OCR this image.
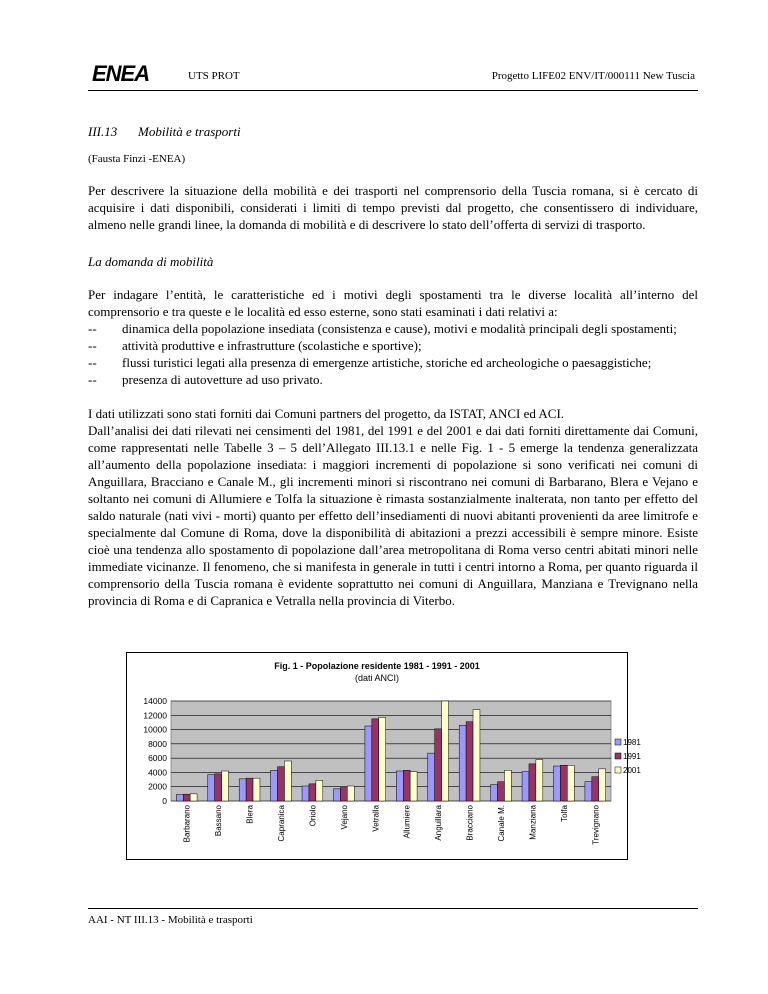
ENEA	UTS PROT	Progetto LIFE02 ENV/IT/000111 New Tuscia
III.13 Mobilità e trasporti
(Fausta Finzi -ENEA)

Per descrivere la situazione della mobilità e dei trasporti nel comprensorio della Tuscia romana, si è cercato di acquisire i dati disponibili, considerati i limiti di tempo previsti dal progetto, che consentissero di individuare, almeno nelle grandi linee, la domanda di mobilità e di descrivere lo stato dell’offerta di servizi di trasporto.

La domanda di mobilità

Per indagare l’entità, le caratteristiche ed i motivi degli spostamenti tra le diverse località all’interno del comprensorio e tra queste e le località ed esso esterne, sono stati esaminati i dati relativi a:

--	dinamica della popolazione insediata (consistenza e cause), motivi e modalità principali degli spostamenti;
--	attività produttive e infrastrutture (scolastiche e sportive);
--	flussi turistici legati alla presenza di emergenze artistiche, storiche ed archeologiche o paesaggistiche;
--	presenza di autovetture ad uso privato.

I dati utilizzati sono stati forniti dai Comuni partners del progetto, da ISTAT, ANCI ed ACI.

Dall’analisi dei dati rilevati nei censimenti del 1981, del 1991 e del 2001 e dai dati forniti direttamente dai Comuni, come rappresentati nelle Tabelle 3 – 5 dell’Allegato III.13.1 e nelle Fig. 1 - 5 emerge la tendenza generalizzata all’aumento della popolazione insediata: i maggiori incrementi di popolazione si sono verificati nei comuni di Anguillara, Bracciano e Canale M., gli incrementi minori si riscontrano nei comuni di Barbarano, Blera e Vejano e soltanto nei comuni di Allumiere e Tolfa la situazione è rimasta sostanzialmente inalterata, non tanto per effetto del saldo naturale (nati vivi - morti) quanto per effetto dell’insediamenti di nuovi abitanti provenienti da aree limitrofe e specialmente dal Comune di Roma, dove la disponibilità di abitazioni a prezzi accessibili è sempre minore. Esiste cioè una tendenza allo spostamento di popolazione dall’area metropolitana di Roma verso centri abitati minori nelle immediate vicinanze. Il fenomeno, che si manifesta in generale in tutti i centri intorno a Roma, per quanto riguarda il comprensorio della Tuscia romana è evidente soprattutto nei comuni di Anguillara, Manziana e Trevignano nella provincia di Roma e di Capranica e Vetralla nella provincia di Viterbo.

Fig. 1 - Popolazione residente 1981 - 1991 - 2001
(dati ANCI)
0
2000
4000
6000
8000
10000
12000
14000
Barbarano	Bassano	Blera	Capranica	Oriolo	Vejano	Vetralla	Allumiere	Anguillara	Bracciano	Canale M.	Manziana	Tolfa	Trevignano
1981
1991
2001
AAI - NT III.13 - Mobilità e trasporti
